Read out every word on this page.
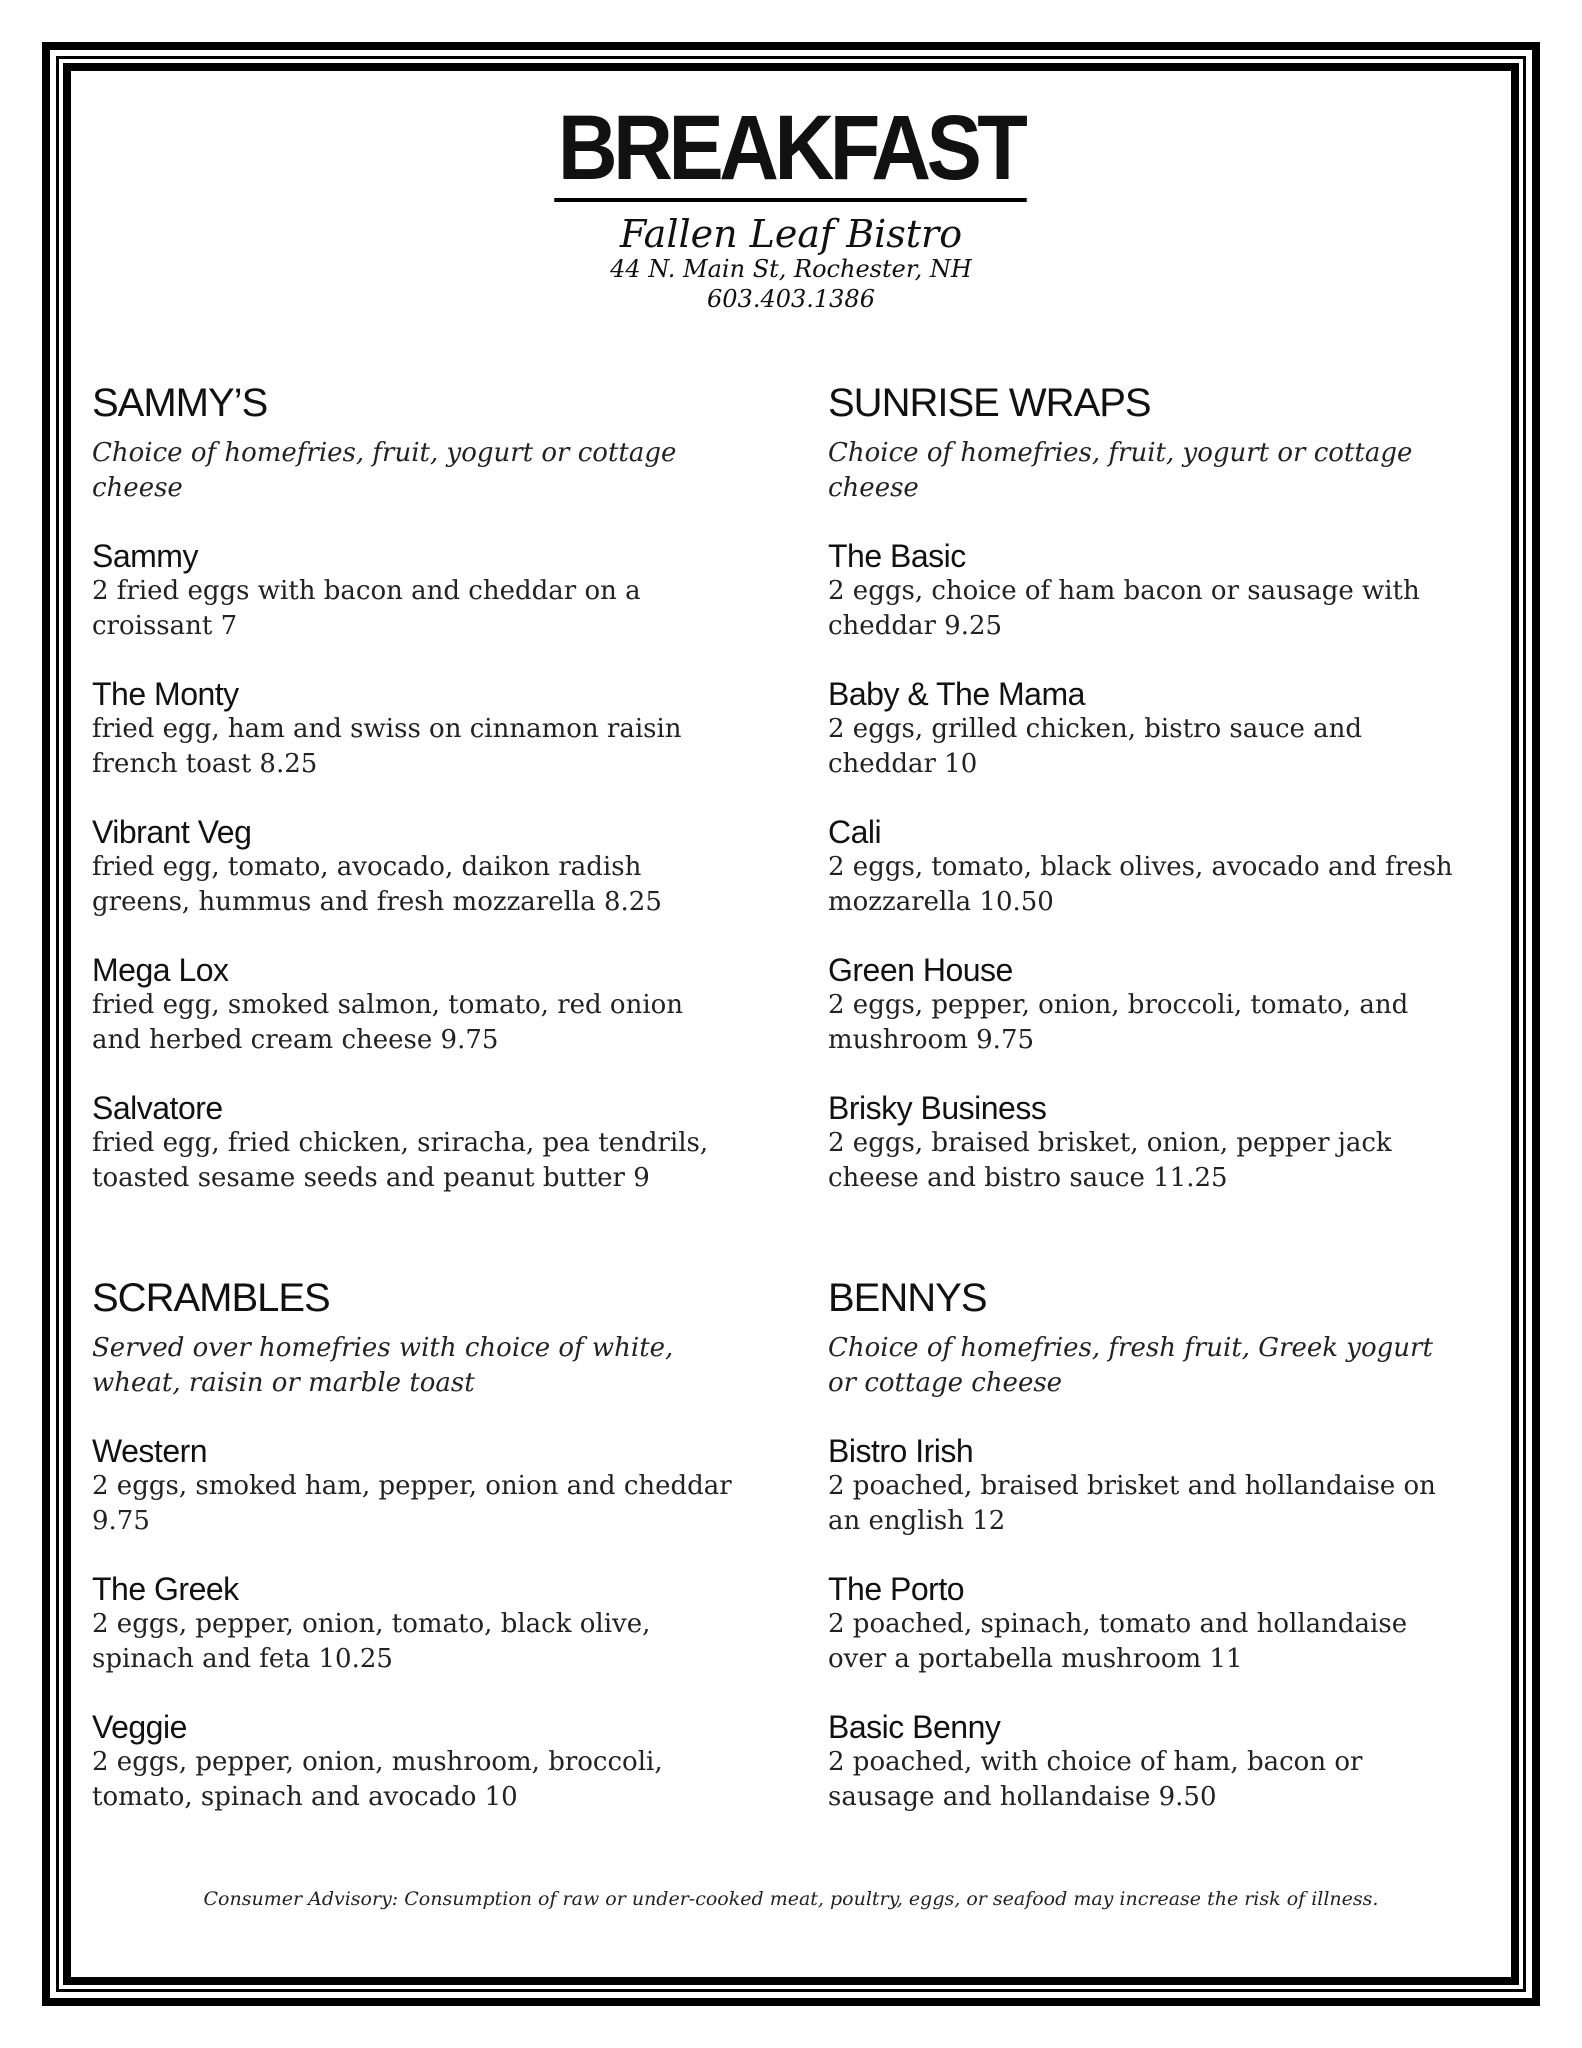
BREAKFAST
Fallen Leaf Bistro
44 N. Main St, Rochester, NH
603.403.1386
SAMMY’S
Choice of homefries, fruit, yogurt or cottage cheese
Sammy
2 fried eggs with bacon and cheddar on a croissant 7
The Monty
fried egg, ham and swiss on cinnamon raisin french toast 8.25
Vibrant Veg
fried egg, tomato, avocado, daikon radish greens, hummus and fresh mozzarella 8.25
Mega Lox
fried egg, smoked salmon, tomato, red onion and herbed cream cheese 9.75
Salvatore
fried egg, fried chicken, sriracha, pea tendrils, toasted sesame seeds and peanut butter 9
SUNRISE WRAPS
Choice of homefries, fruit, yogurt or cottage cheese
The Basic
2 eggs, choice of ham bacon or sausage with cheddar 9.25
Baby & The Mama
2 eggs, grilled chicken, bistro sauce and cheddar 10
Cali
2 eggs, tomato, black olives, avocado and fresh mozzarella 10.50
Green House
2 eggs, pepper, onion, broccoli, tomato, and mushroom 9.75
Brisky Business
2 eggs, braised brisket, onion, pepper jack cheese and bistro sauce 11.25
SCRAMBLES
Served over homefries with choice of white, wheat, raisin or marble toast
Western
2 eggs, smoked ham, pepper, onion and cheddar 9.75
The Greek
2 eggs, pepper, onion, tomato, black olive, spinach and feta 10.25
Veggie
2 eggs, pepper, onion, mushroom, broccoli, tomato, spinach and avocado 10
BENNYS
Choice of homefries, fresh fruit, Greek yogurt or cottage cheese
Bistro Irish
2 poached, braised brisket and hollandaise on an english 12
The Porto
2 poached, spinach, tomato and hollandaise over a portabella mushroom 11
Basic Benny
2 poached, with choice of ham, bacon or sausage and hollandaise 9.50
Consumer Advisory: Consumption of raw or under-cooked meat, poultry, eggs, or seafood may increase the risk of illness.
